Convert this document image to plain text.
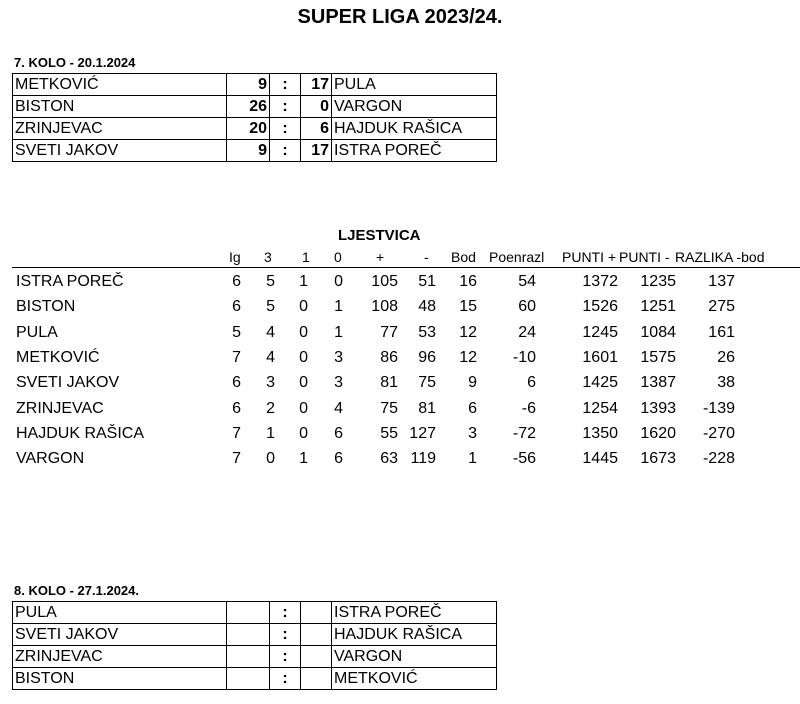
SUPER LIGA 2023/24.
7. KOLO - 20.1.2024
METKOVIĆ	9	:	17	PULA
BISTON	26	:	0	VARGON
ZRINJEVAC	20	:	6	HAJDUK RAŠICA
SVETI JAKOV	9	:	17	ISTRA POREČ
LJESTVICA
Ig 3 1 0 +	- Bod Poenrazl PUNTI + PUNTI - RAZLIKA -bod
ISTRA POREČ	6 5 1 0 105 51 16	54	1372 1235 137
BISTON	6 5 0 1 108 48 15	60	1526 1251 275
PULA	5 4 0 1 77 53 12	24	1245 1084 161
METKOVIĆ	7 4 0 3 86 96 12 -10	1601 1575	26
SVETI JAKOV	6 3 0 3 81 75 9	6	1425 1387	38
ZRINJEVAC	6 2 0 4 75 81 6	-6	1254 1393 -139
HAJDUK RAŠICA	7 1 0 6 55 127 3 -72	1350 1620 -270
VARGON	7 0 1 6 63 119 1 -56	1445 1673 -228
8. KOLO - 27.1.2024.
PULA		:		ISTRA POREČ
SVETI JAKOV		:		HAJDUK RAŠICA
ZRINJEVAC		:		VARGON
BISTON		:		METKOVIĆ
